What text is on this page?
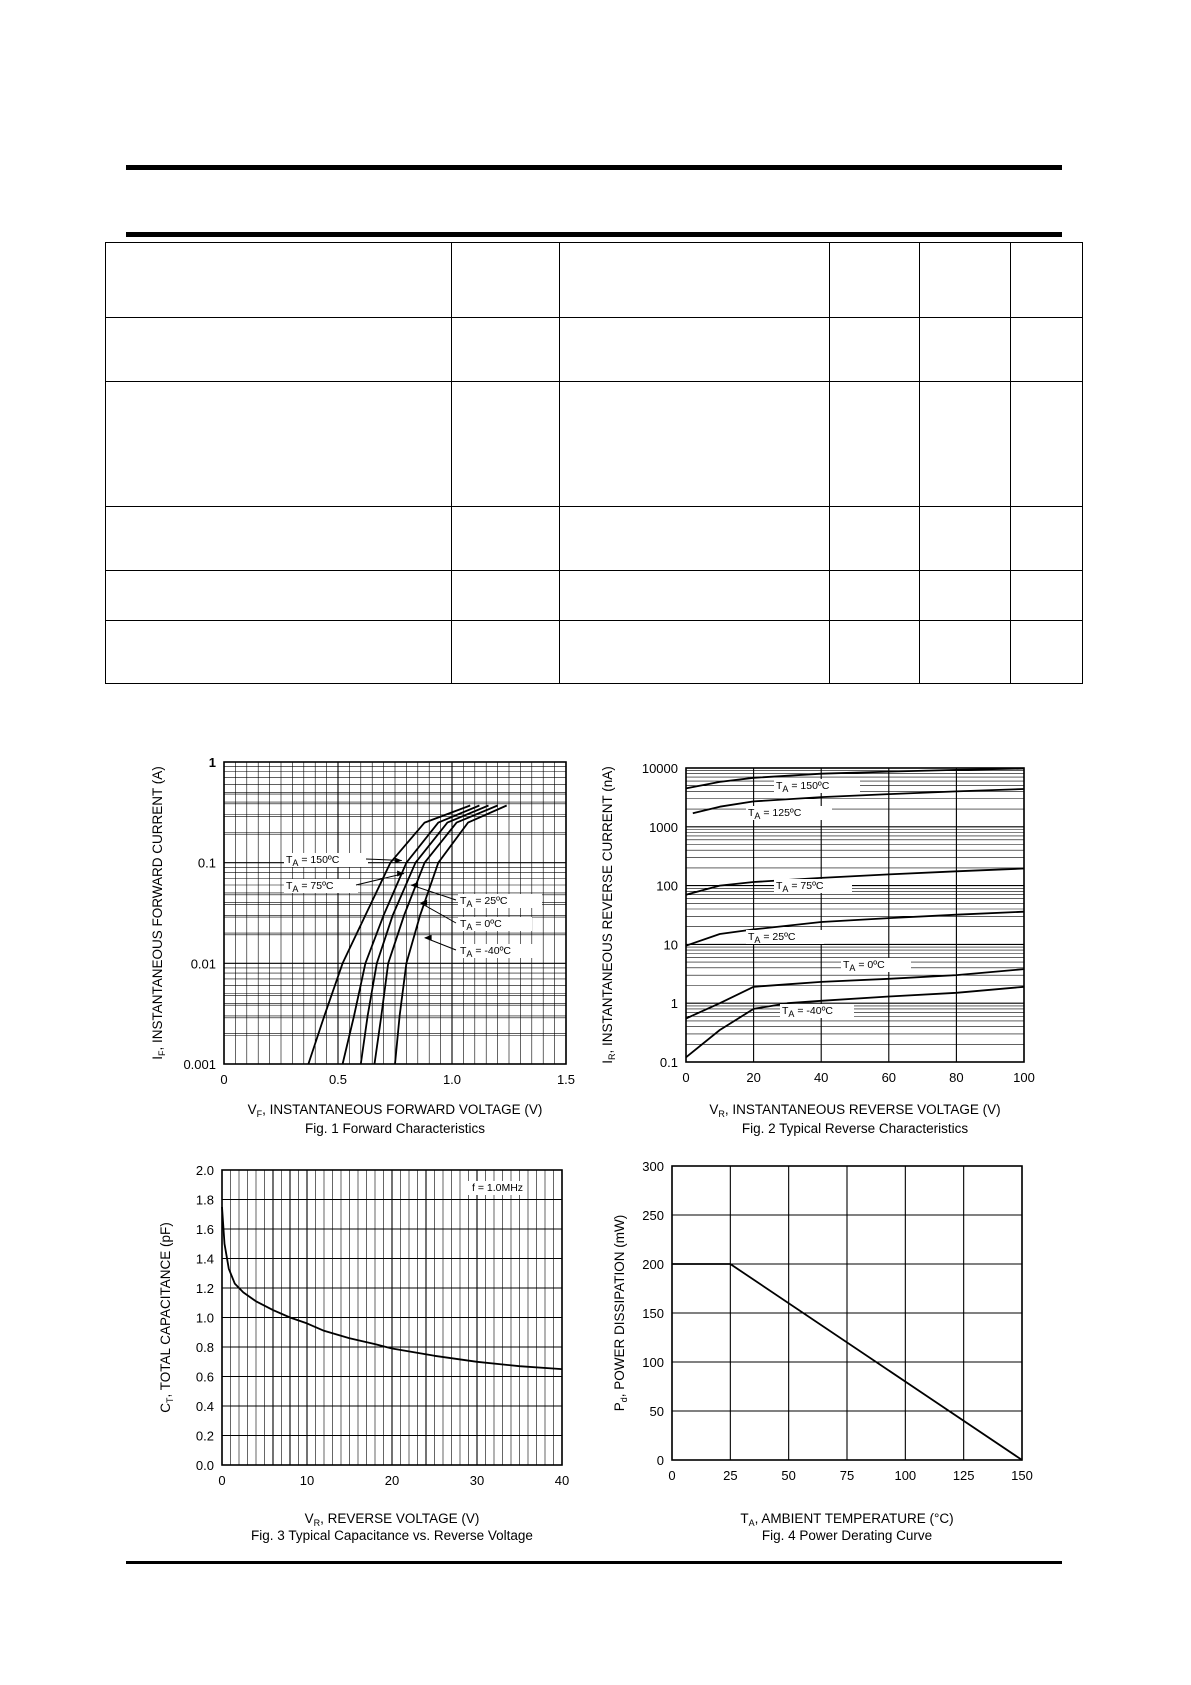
0	0.5	1.0	1.5
0.001
0.01
0.1
1
TA = 150ºC
TA = 75ºC
TA = 25ºC
TA = 0ºC
TA = -40ºC
$V_F$, INSTANTANEOUS FORWARD VOLTAGE (V)
$I_F$, INSTANTANEOUS FORWARD CURRENT (A)
Fig. 1 Forward Characteristics
0	20	40	60	80	100
0.1
1
10
100
1000
10000
TA = 150ºC
TA = 125ºC
TA = 75ºC
TA = 25ºC
TA = 0ºC
TA = -40ºC
$V_R$, INSTANTANEOUS REVERSE VOLTAGE (V)
$I_R$, INSTANTANEOUS REVERSE CURRENT (nA)
Fig. 2 Typical Reverse Characteristics
0	10	20	30	40
0.0
0.2
0.4
0.6
0.8
1.0
1.2
1.4
1.6
1.8
2.0
f = 1.0MHz
$V_R$, REVERSE VOLTAGE (V)
$C_T$, TOTAL CAPACITANCE (pF)
Fig. 3 Typical Capacitance vs. Reverse Voltage
0	25	50	75	100	125	150
0
50
100
150
200
250
300
$T_A$, AMBIENT TEMPERATURE (°C)
$P_d$, POWER DISSIPATION (mW)
Fig. 4 Power Derating Curve
